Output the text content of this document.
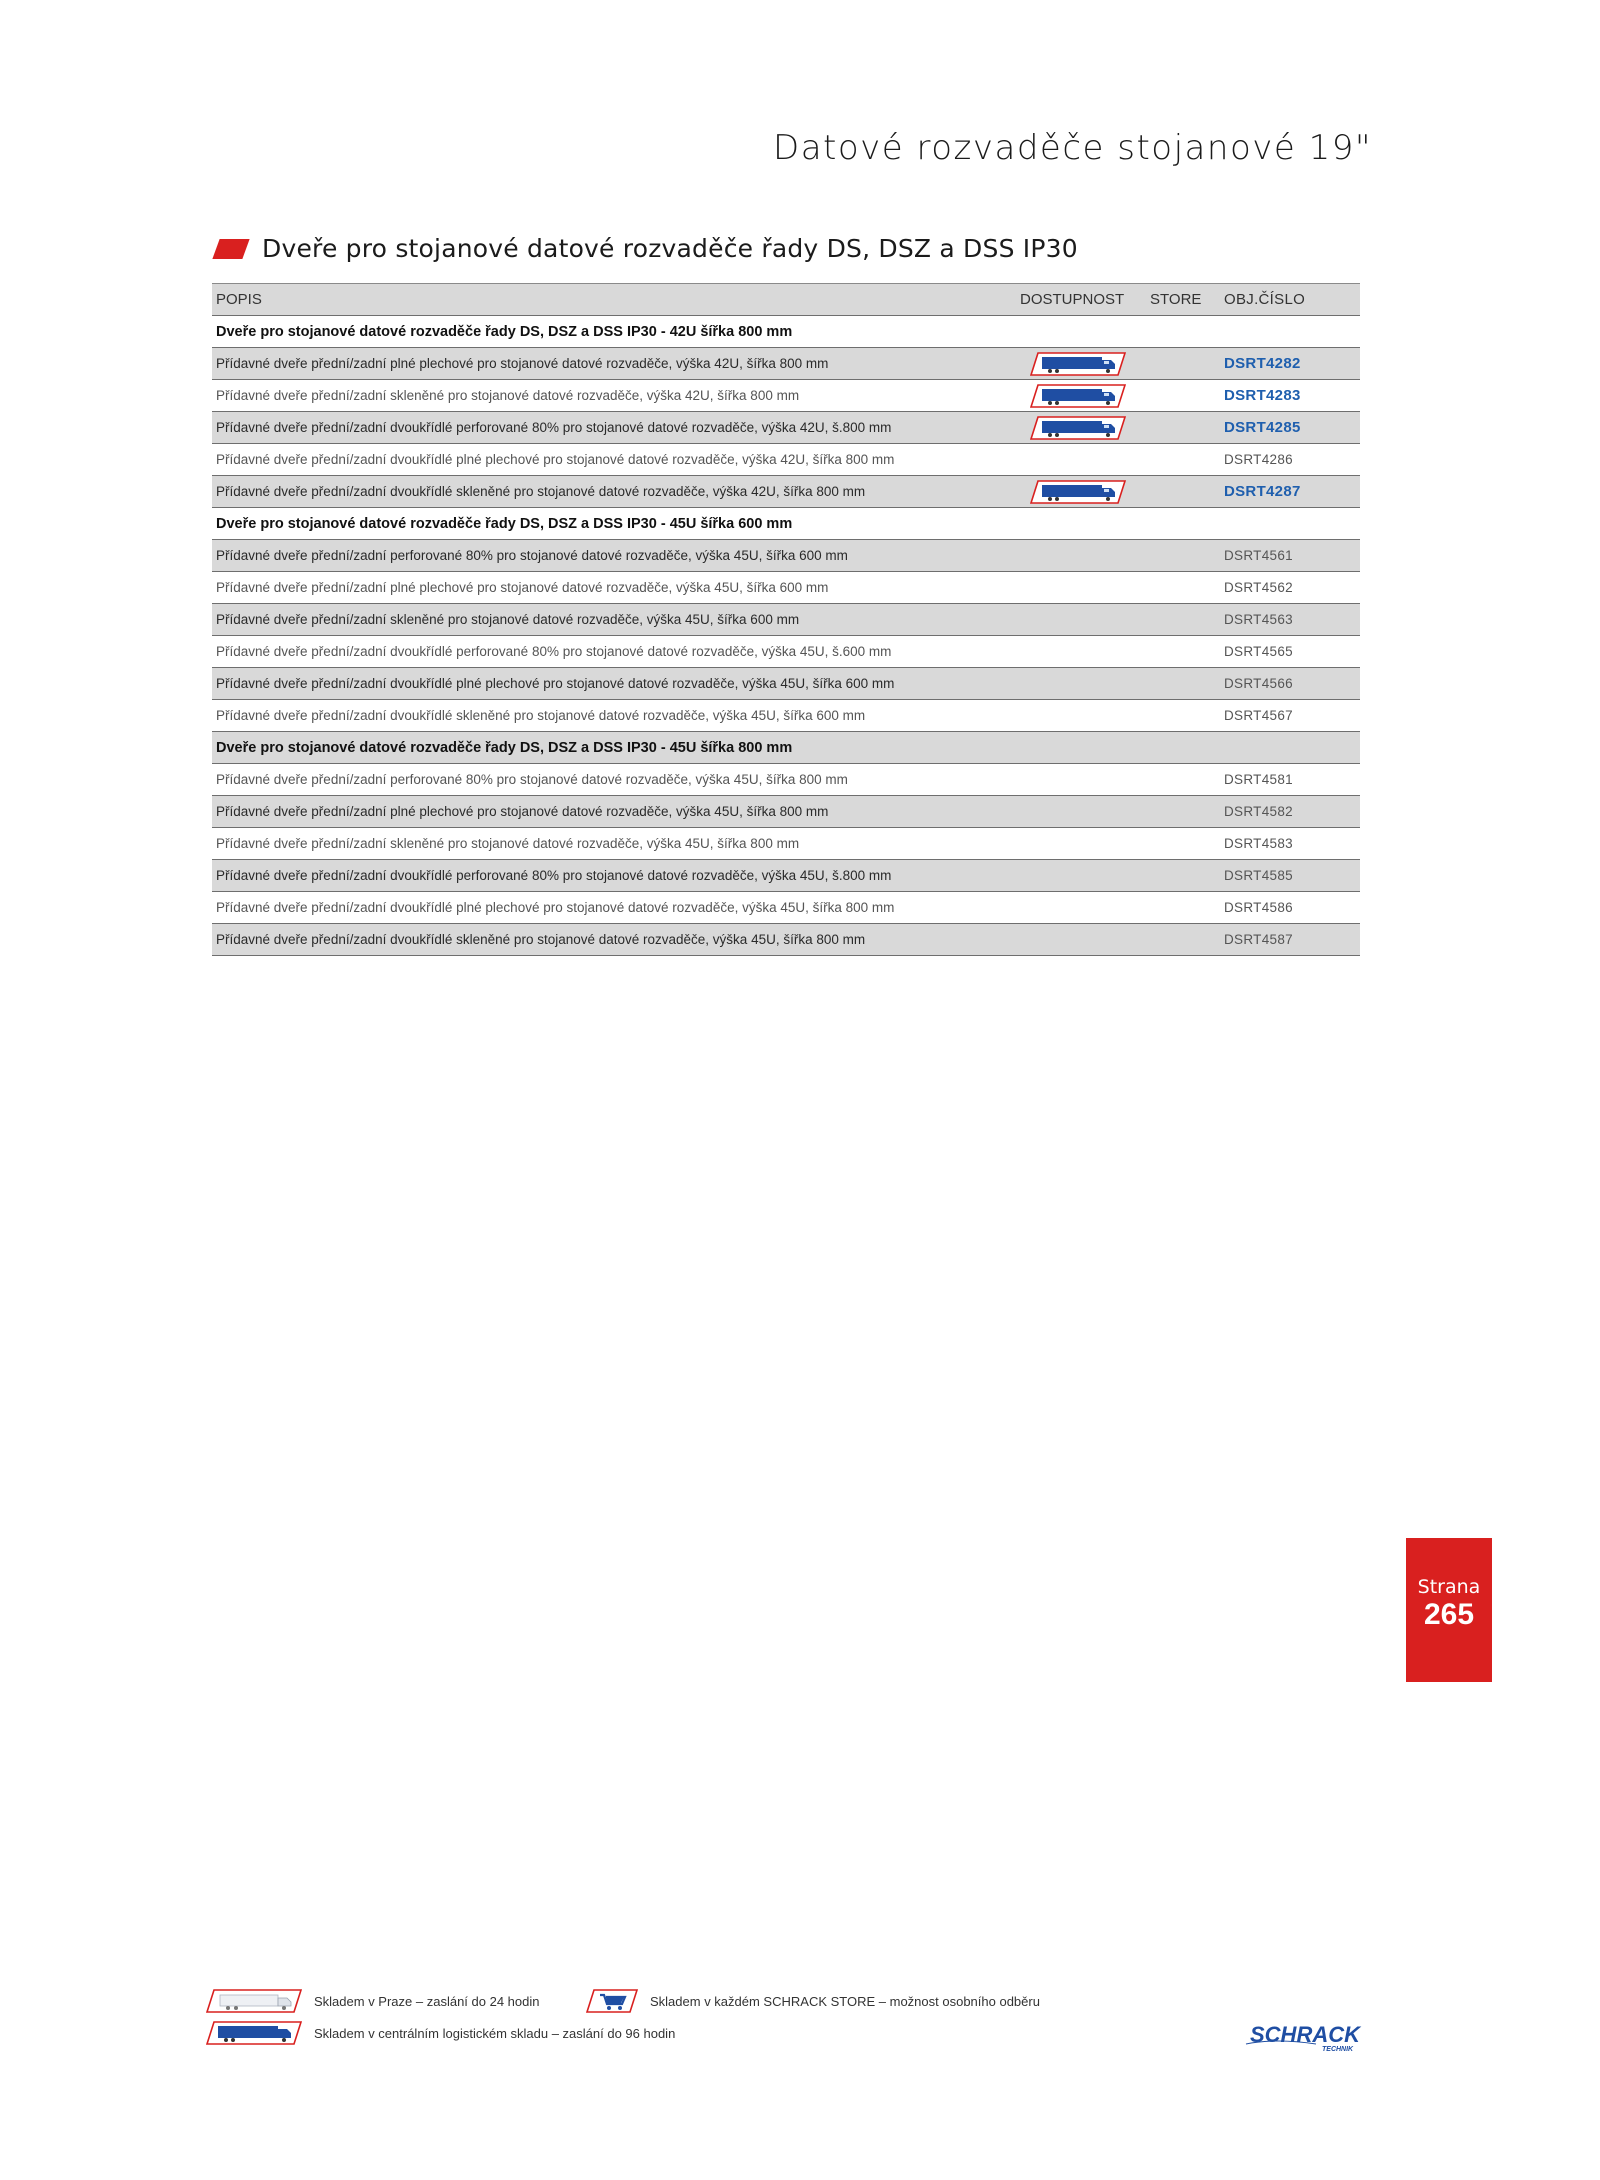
Datové rozvaděče stojanové 19"
Dveře pro stojanové datové rozvaděče řady DS, DSZ a DSS IP30
POPIS	DOSTUPNOST	STORE	OBJ.ČÍSLO
Dveře pro stojanové datové rozvaděče řady DS, DSZ a DSS IP30 - 42U šířka 800 mm
Přídavné dveře přední/zadní plné plechové pro stojanové datové rozvaděče, výška 42U, šířka 800 mm	DSRT4282
Přídavné dveře přední/zadní skleněné pro stojanové datové rozvaděče, výška 42U, šířka 800 mm	DSRT4283
Přídavné dveře přední/zadní dvoukřídlé perforované 80% pro stojanové datové rozvaděče, výška 42U, š.800 mm	DSRT4285
Přídavné dveře přední/zadní dvoukřídlé plné plechové pro stojanové datové rozvaděče, výška 42U, šířka 800 mm	DSRT4286
Přídavné dveře přední/zadní dvoukřídlé skleněné pro stojanové datové rozvaděče, výška 42U, šířka 800 mm	DSRT4287
Dveře pro stojanové datové rozvaděče řady DS, DSZ a DSS IP30 - 45U šířka 600 mm
Přídavné dveře přední/zadní perforované 80% pro stojanové datové rozvaděče, výška 45U, šířka 600 mm	DSRT4561
Přídavné dveře přední/zadní plné plechové pro stojanové datové rozvaděče, výška 45U, šířka 600 mm	DSRT4562
Přídavné dveře přední/zadní skleněné pro stojanové datové rozvaděče, výška 45U, šířka 600 mm	DSRT4563
Přídavné dveře přední/zadní dvoukřídlé perforované 80% pro stojanové datové rozvaděče, výška 45U, š.600 mm	DSRT4565
Přídavné dveře přední/zadní dvoukřídlé plné plechové pro stojanové datové rozvaděče, výška 45U, šířka 600 mm	DSRT4566
Přídavné dveře přední/zadní dvoukřídlé skleněné pro stojanové datové rozvaděče, výška 45U, šířka 600 mm	DSRT4567
Dveře pro stojanové datové rozvaděče řady DS, DSZ a DSS IP30 - 45U šířka 800 mm
Přídavné dveře přední/zadní perforované 80% pro stojanové datové rozvaděče, výška 45U, šířka 800 mm	DSRT4581
Přídavné dveře přední/zadní plné plechové pro stojanové datové rozvaděče, výška 45U, šířka 800 mm	DSRT4582
Přídavné dveře přední/zadní skleněné pro stojanové datové rozvaděče, výška 45U, šířka 800 mm	DSRT4583
Přídavné dveře přední/zadní dvoukřídlé perforované 80% pro stojanové datové rozvaděče, výška 45U, š.800 mm	DSRT4585
Přídavné dveře přední/zadní dvoukřídlé plné plechové pro stojanové datové rozvaděče, výška 45U, šířka 800 mm	DSRT4586
Přídavné dveře přední/zadní dvoukřídlé skleněné pro stojanové datové rozvaděče, výška 45U, šířka 800 mm	DSRT4587
Strana
265
Skladem v Praze – zaslání do 24 hodin	Skladem v každém SCHRACK STORE – možnost osobního odběru
Skladem v centrálním logistickém skladu – zaslání do 96 hodin	SCHRACK
TECHNIK
